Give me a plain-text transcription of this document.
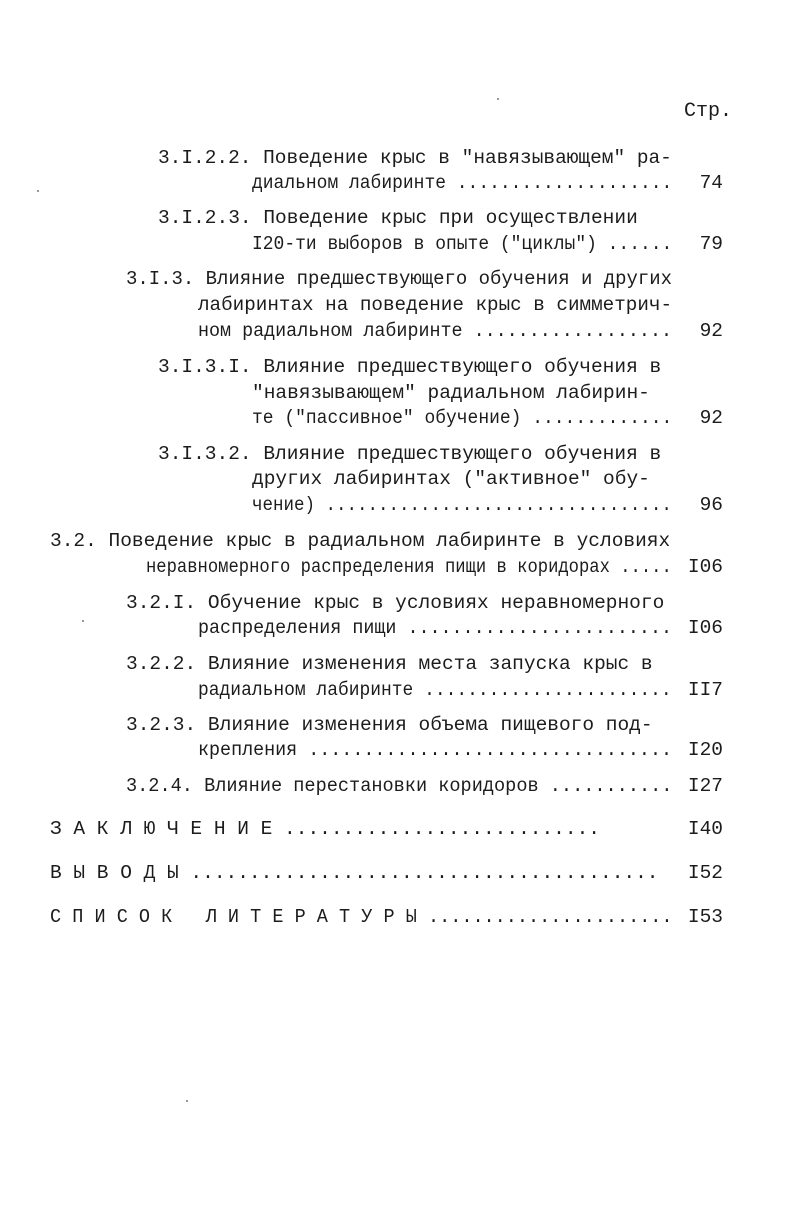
Стр.
3.I.2.2. Поведение крыс в "навязывающем" ра-
диальном лабиринте ....................	74
3.I.2.3. Поведение крыс при осуществлении
I20-ти выборов в опыте ("циклы") ......	79
3.I.3. Влияние предшествующего обучения и других
лабиринтах на поведение крыс в симметрич-
ном радиальном лабиринте ..................	92
3.I.3.I. Влияние предшествующего обучения в
"навязывающем" радиальном лабирин-
те ("пассивное" обучение) .............	92
3.I.3.2. Влияние предшествующего обучения в
других лабиринтах ("активное" обу-
чение) .................................	96
3.2. Поведение крыс в радиальном лабиринте в условиях
неравномерного распределения пищи в коридорах ..... I06
3.2.I. Обучение крыс в условиях неравномерного
распределения пищи ........................ I06
3.2.2. Влияние изменения места запуска крыс в
радиальном лабиринте ....................... II7
3.2.3. Влияние изменения объема пищевого под-
крепления ................................. I20
3.2.4. Влияние перестановки коридоров ........... I27
З А К Л Ю Ч Е Н И Е ...........................	I40
В Ы В О Д Ы ........................................	I52
С П И С О К   Л И Т Е Р А Т У Р Ы ...................... I53
